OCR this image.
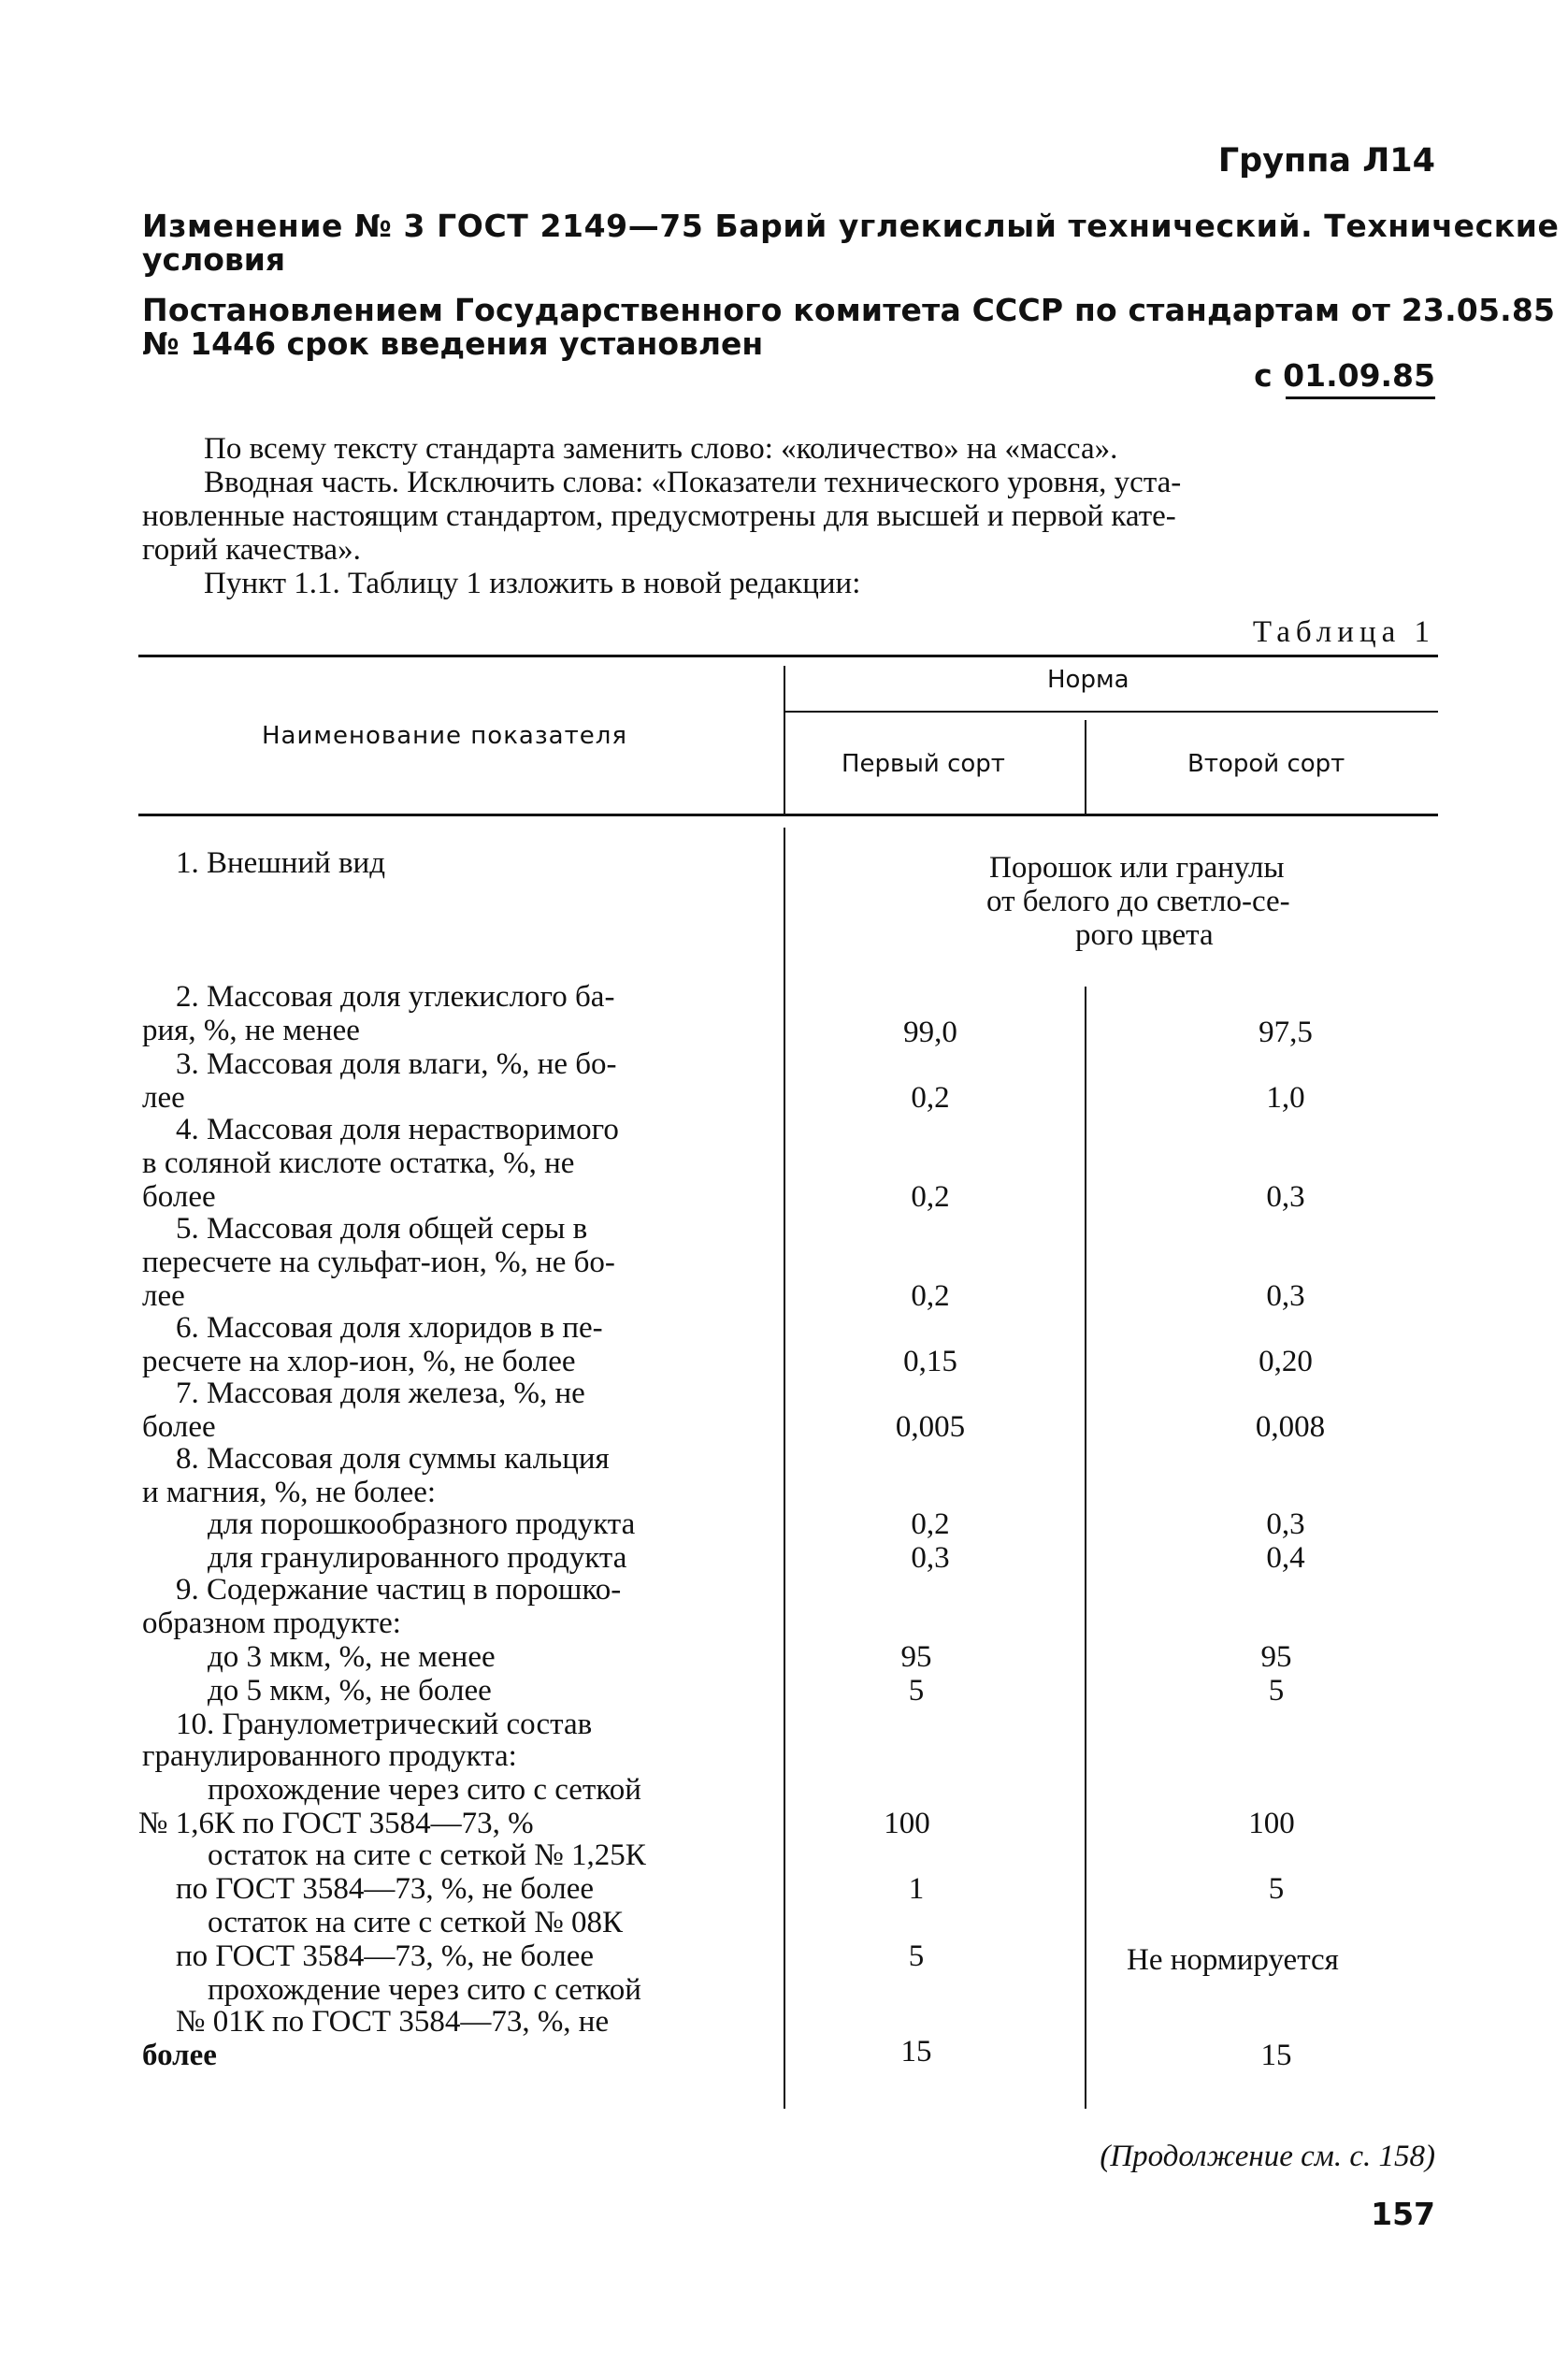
Группа Л14
Изменение № 3 ГОСТ 2149—75 Барий углекислый технический. Технические
условия
Постановлением Государственного комитета СССР по стандартам от 23.05.85
№ 1446 срок введения установлен
с 01.09.85
По всему тексту стандарта заменить слово: «количество» на «масса».
Вводная часть. Исключить слова: «Показатели технического уровня, уста-
новленные настоящим стандартом, предусмотрены для высшей и первой кате-
горий качества».
Пункт 1.1. Таблицу 1 изложить в новой редакции:
Таблица 1
Наименование показателя
Норма
Первый сорт	Второй сорт
1. Внешний вид	Порошок или гранулы
от белого до светло-се-
рого цвета
2. Массовая доля углекислого ба-
рия, %, не менее
3. Массовая доля влаги, %, не бо-
лее
4. Массовая доля нерастворимого
в соляной кислоте остатка, %, не
более
5. Массовая доля общей серы в
пересчете на сульфат-ион, %, не бо-
лее
6. Массовая доля хлоридов в пе-
ресчете на хлор-ион, %, не более
7. Массовая доля железа, %, не
более
8. Массовая доля суммы кальция
и магния, %, не более:
для порошкообразного продукта
для гранулированного продукта
9. Содержание частиц в порошко-
образном продукте:
до 3 мкм, %, не менее
до 5 мкм, %, не более
10. Гранулометрический состав
гранулированного продукта:
прохождение через сито с сеткой
№ 1,6К по ГОСТ 3584—73, %
остаток на сите с сеткой № 1,25К
по ГОСТ 3584—73, %, не более
остаток на сите с сеткой № 08К
по ГОСТ 3584—73, %, не более
прохождение через сито с сеткой
№ 01К по ГОСТ 3584—73, %, не
более
99,0
0,2
0,2
0,2
0,15
0,005
0,2
0,3
95
5
100
1
5
15
97,5
1,0
0,3
0,3
0,20
0,008
0,3
0,4
95
5
100
5
Не нормируется
15
(Продолжение см. с. 158)
157
